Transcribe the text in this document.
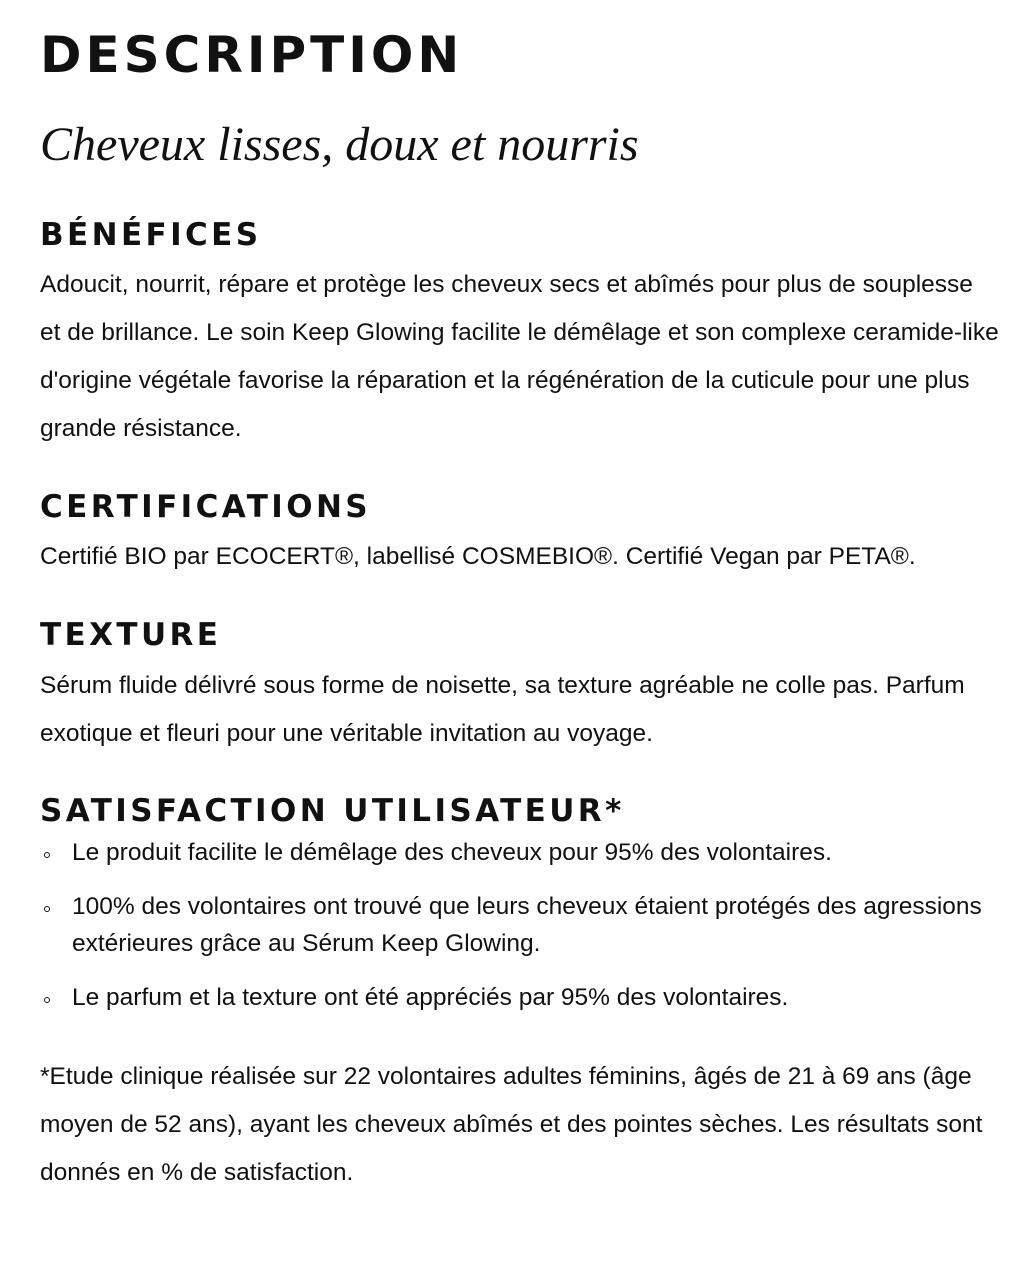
DESCRIPTION
Cheveux lisses, doux et nourris
BÉNÉFICES

Adoucit, nourrit, répare et protège les cheveux secs et abîmés pour plus de souplesse et de brillance. Le soin Keep Glowing facilite le démêlage et son complexe ceramide-like d'origine végétale favorise la réparation et la régénération de la cuticule pour une plus grande résistance.

CERTIFICATIONS

Certifié BIO par ECOCERT®, labellisé COSMEBIO®. Certifié Vegan par PETA®.

TEXTURE

Sérum fluide délivré sous forme de noisette, sa texture agréable ne colle pas. Parfum exotique et fleuri pour une véritable invitation au voyage.

SATISFACTION UTILISATEUR*
Le produit facilite le démêlage des cheveux pour 95% des volontaires.
100% des volontaires ont trouvé que leurs cheveux étaient protégés des agressions extérieures grâce au Sérum Keep Glowing.
Le parfum et la texture ont été appréciés par 95% des volontaires.

*Etude clinique réalisée sur 22 volontaires adultes féminins, âgés de 21 à 69 ans (âge moyen de 52 ans), ayant les cheveux abîmés et des pointes sèches. Les résultats sont donnés en % de satisfaction.
